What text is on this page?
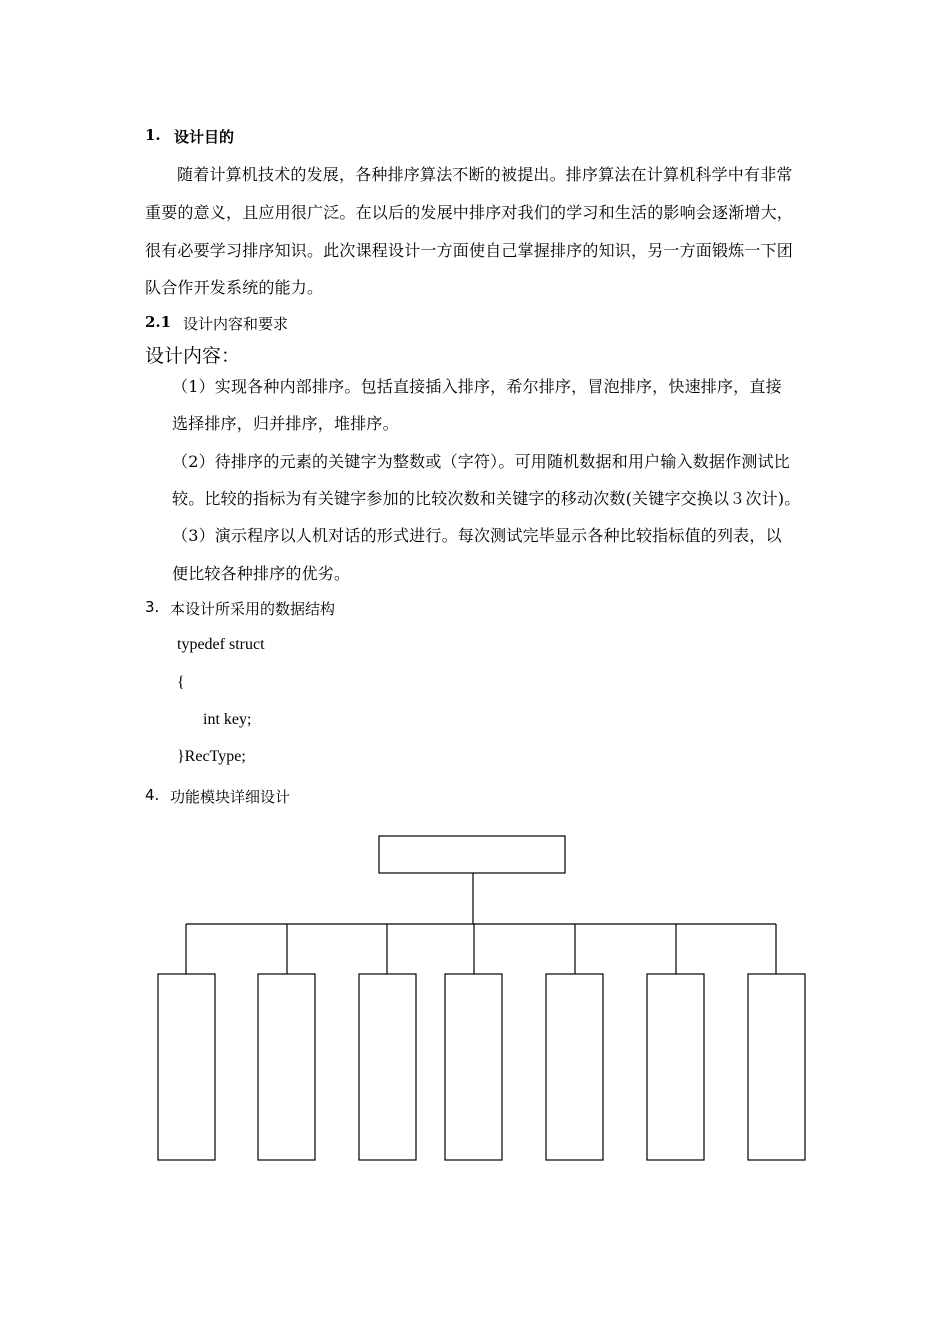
1. 设计目的
随着计算机技术的发展，各种排序算法不断的被提出。排序算法在计算机科学中有非常
重要的意义，且应用很广泛。在以后的发展中排序对我们的学习和生活的影响会逐渐增大，
很有必要学习排序知识。此次课程设计一方面使自己掌握排序的知识，另一方面锻炼一下团
队合作开发系统的能力。
2.1 设计内容和要求
设计内容：
（1）实现各种内部排序。包括直接插入排序，希尔排序，冒泡排序，快速排序，直接
选择排序，归并排序，堆排序。
（2）待排序的元素的关键字为整数或（字符）。可用随机数据和用户输入数据作测试比
较。比较的指标为有关键字参加的比较次数和关键字的移动次数(关键字交换以３次计)。
（3）演示程序以人机对话的形式进行。每次测试完毕显示各种比较指标值的列表，以
便比较各种排序的优劣。
3. 本设计所采用的数据结构
typedef struct
{
int key;
}RecType;
4. 功能模块详细设计
